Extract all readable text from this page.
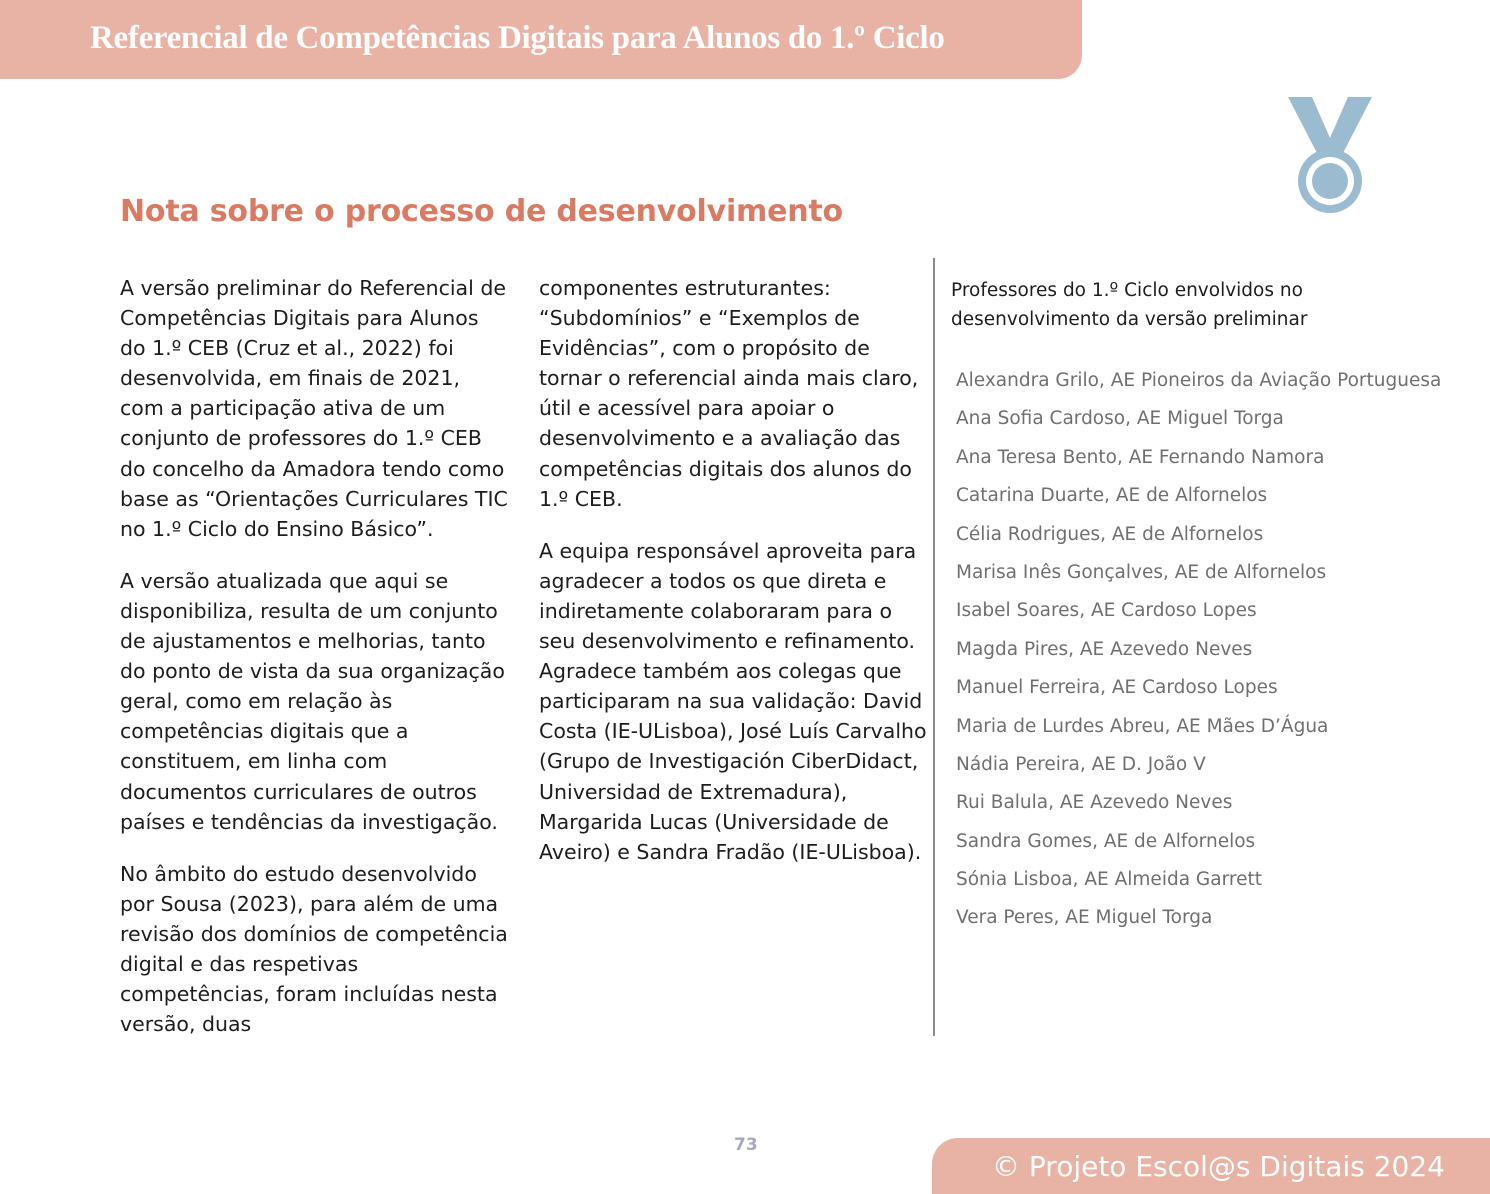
Referencial de Competências Digitais para Alunos do 1.º Ciclo
Nota sobre o processo de desenvolvimento

A versão preliminar do Referencial de Competências Digitais para Alunos do 1.º CEB (Cruz et al., 2022) foi desenvolvida, em finais de 2021, com a participação ativa de um conjunto de professores do 1.º CEB do concelho da Amadora tendo como base as “Orientações Curriculares TIC no 1.º Ciclo do Ensino Básico”.

A versão atualizada que aqui se disponibiliza, resulta de um conjunto de ajustamentos e melhorias, tanto do ponto de vista da sua organização geral, como em relação às competências digitais que a constituem, em linha com documentos curriculares de outros países e tendências da investigação.

No âmbito do estudo desenvolvido por Sousa (2023), para além de uma revisão dos domínios de competência digital e das respetivas competências, foram incluídas nesta versão, duas

componentes estruturantes: “Subdomínios” e “Exemplos de Evidências”, com o propósito de tornar o referencial ainda mais claro, útil e acessível para apoiar o desenvolvimento e a avaliação das competências digitais dos alunos do 1.º CEB.

A equipa responsável aproveita para agradecer a todos os que direta e indiretamente colaboraram para o seu desenvolvimento e refinamento. Agradece também aos colegas que participaram na sua validação: David Costa (IE-ULisboa), José Luís Carvalho (Grupo de Investigación CiberDidact, Universidad de Extremadura), Margarida Lucas (Universidade de Aveiro) e Sandra Fradão (IE-ULisboa).

Professores do 1.º Ciclo envolvidos no desenvolvimento da versão preliminar
Alexandra Grilo, AE Pioneiros da Aviação Portuguesa
Ana Sofia Cardoso, AE Miguel Torga
Ana Teresa Bento, AE Fernando Namora
Catarina Duarte, AE de Alfornelos
Célia Rodrigues, AE de Alfornelos
Marisa Inês Gonçalves, AE de Alfornelos
Isabel Soares, AE Cardoso Lopes
Magda Pires, AE Azevedo Neves
Manuel Ferreira, AE Cardoso Lopes
Maria de Lurdes Abreu, AE Mães D’Água
Nádia Pereira, AE D. João V
Rui Balula, AE Azevedo Neves
Sandra Gomes, AE de Alfornelos
Sónia Lisboa, AE Almeida Garrett
Vera Peres, AE Miguel Torga
73
© Projeto Escol@s Digitais 2024
